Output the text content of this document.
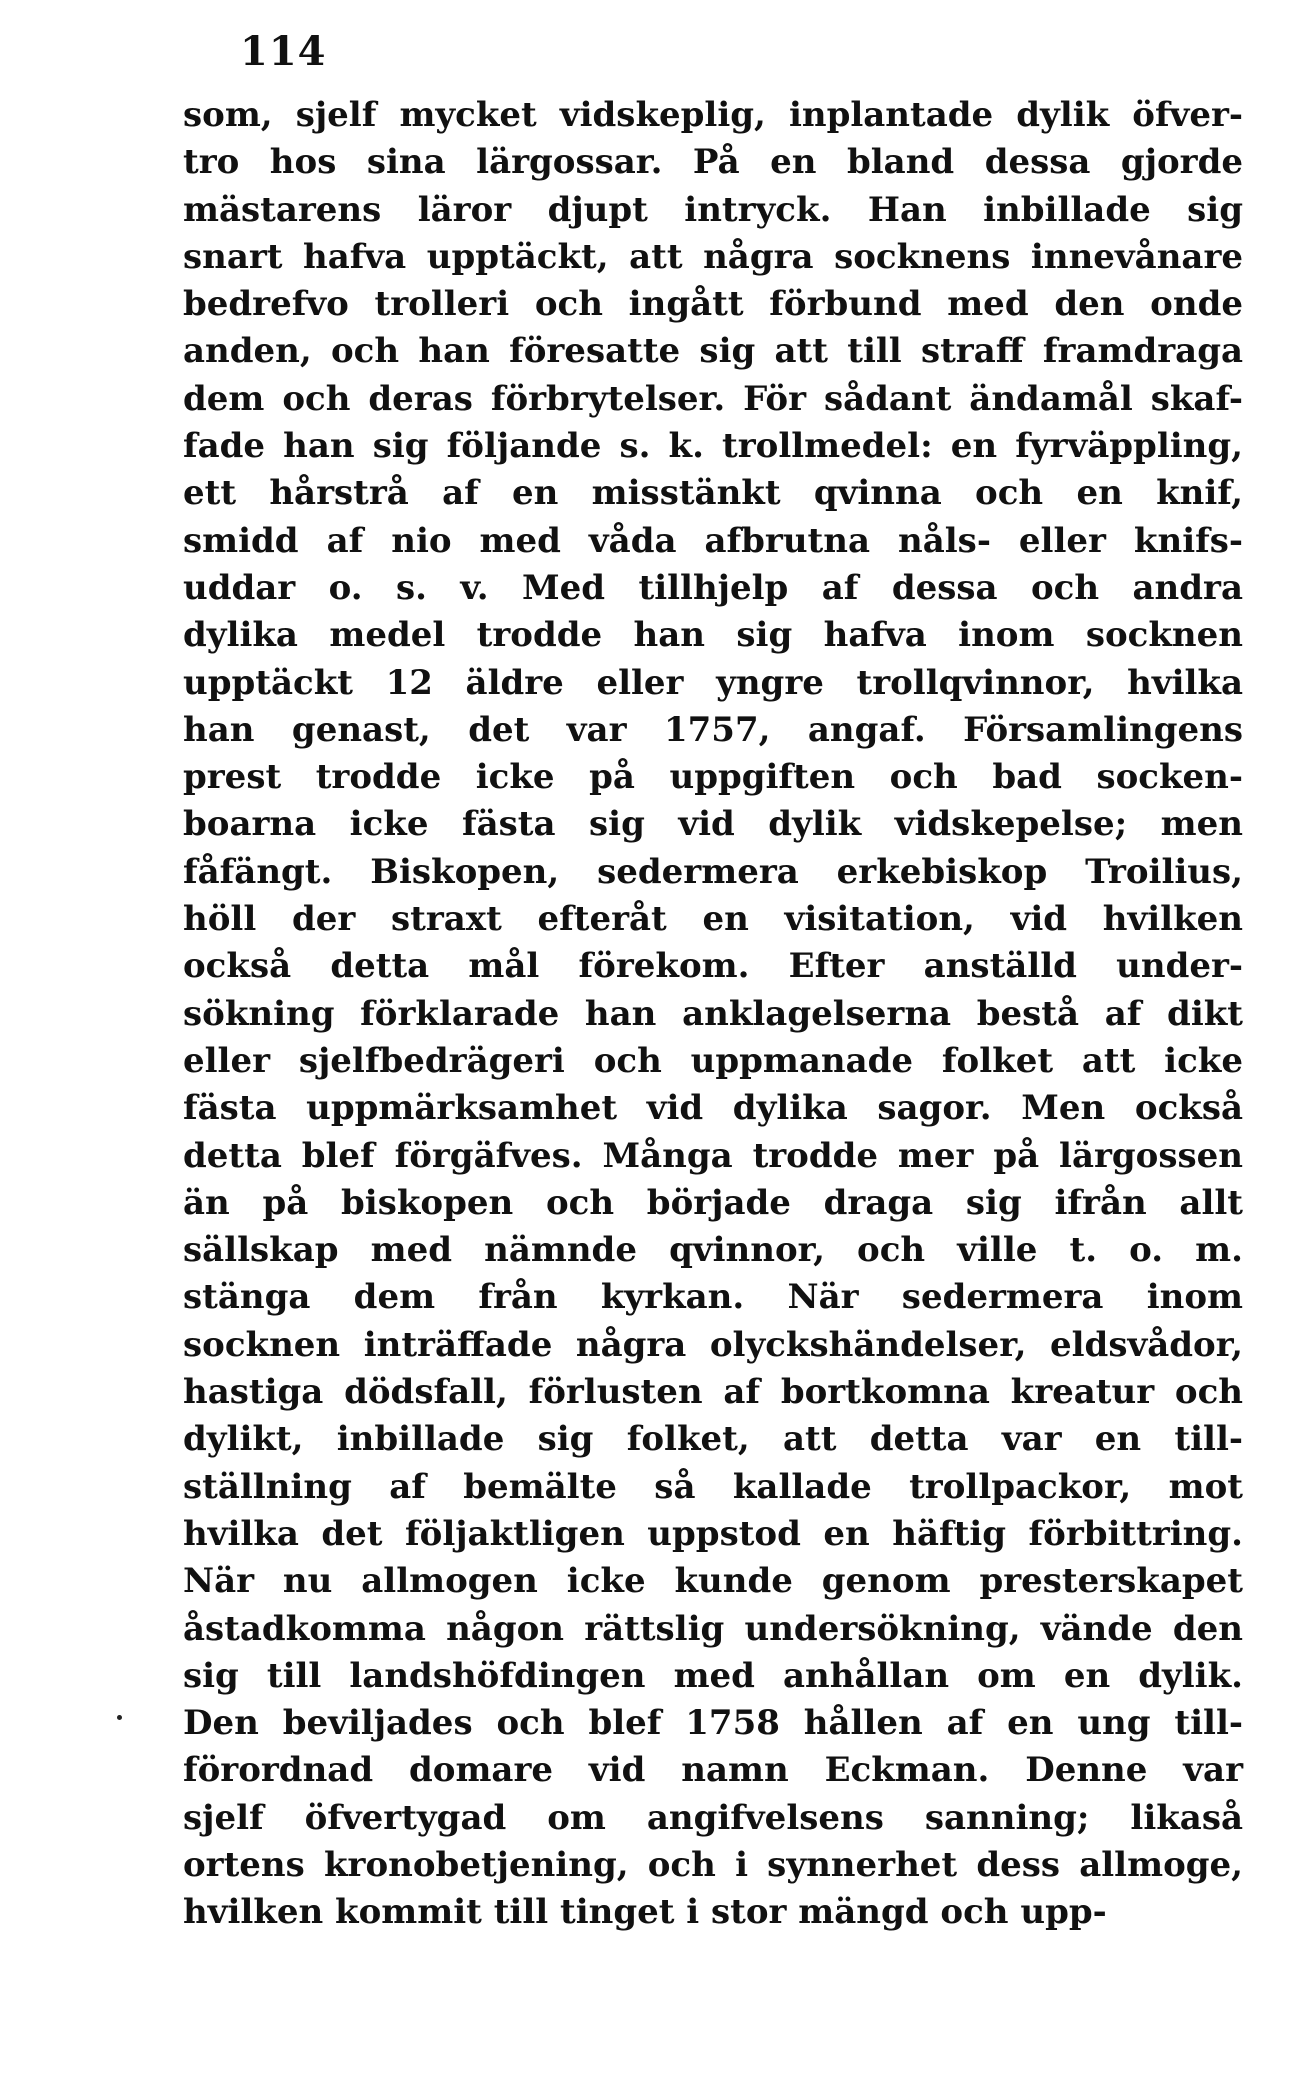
114
som, sjelf mycket vidskeplig, inplantade dylik öfver-
tro hos sina lärgossar. På en bland dessa gjorde
mästarens läror djupt intryck. Han inbillade sig
snart hafva upptäckt, att några socknens innevånare
bedrefvo trolleri och ingått förbund med den onde
anden, och han föresatte sig att till straff framdraga
dem och deras förbrytelser. För sådant ändamål skaf-
fade han sig följande s. k. trollmedel: en fyrväppling,
ett hårstrå af en misstänkt qvinna och en knif,
smidd af nio med våda afbrutna nåls- eller knifs-
uddar o. s. v. Med tillhjelp af dessa och andra
dylika medel trodde han sig hafva inom socknen
upptäckt 12 äldre eller yngre trollqvinnor, hvilka
han genast, det var 1757, angaf. Församlingens
prest trodde icke på uppgiften och bad socken-
boarna icke fästa sig vid dylik vidskepelse; men
fåfängt. Biskopen, sedermera erkebiskop Troilius,
höll der straxt efteråt en visitation, vid hvilken
också detta mål förekom. Efter anställd under-
sökning förklarade han anklagelserna bestå af dikt
eller sjelfbedrägeri och uppmanade folket att icke
fästa uppmärksamhet vid dylika sagor. Men också
detta blef förgäfves. Många trodde mer på lärgossen
än på biskopen och började draga sig ifrån allt
sällskap med nämnde qvinnor, och ville t. o. m.
stänga dem från kyrkan. När sedermera inom
socknen inträffade några olyckshändelser, eldsvådor,
hastiga dödsfall, förlusten af bortkomna kreatur och
dylikt, inbillade sig folket, att detta var en till-
ställning af bemälte så kallade trollpackor, mot
hvilka det följaktligen uppstod en häftig förbittring.
När nu allmogen icke kunde genom presterskapet
åstadkomma någon rättslig undersökning, vände den
sig till landshöfdingen med anhållan om en dylik.
Den beviljades och blef 1758 hållen af en ung till-
förordnad domare vid namn Eckman. Denne var
sjelf öfvertygad om angifvelsens sanning; likaså
ortens kronobetjening, och i synnerhet dess allmoge,
hvilken kommit till tinget i stor mängd och upp-
